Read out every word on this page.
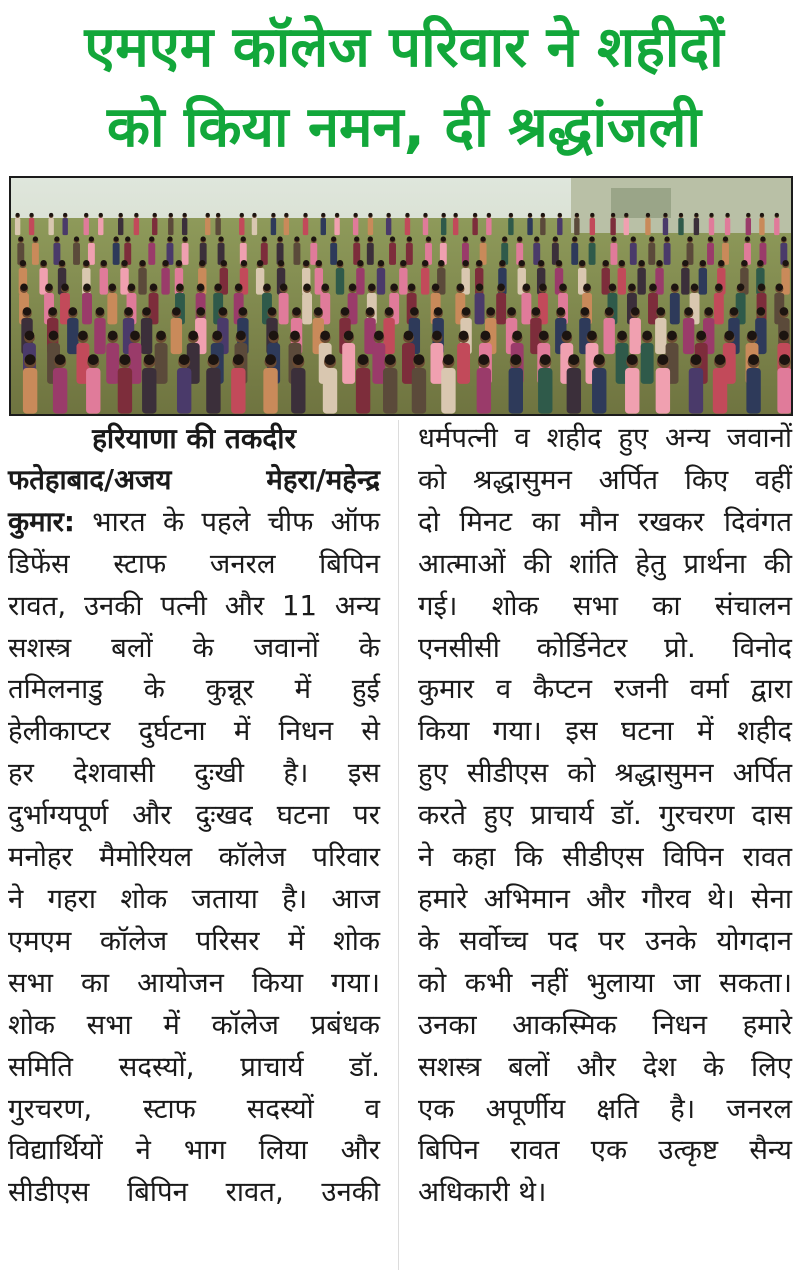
एमएम कॉलेज परिवार ने शहीदों
को किया नमन, दी श्रद्धांजली
हरियाणा की तकदीर
फतेहाबाद/अजय मेहरा/महेन्द्र
कुमार: भारत के पहले चीफ ऑफ
डिफेंस स्टाफ जनरल बिपिन
रावत, उनकी पत्नी और 11 अन्य
सशस्त्र बलों के जवानों के
तमिलनाडु के कुन्नूर में हुई
हेलीकाप्टर दुर्घटना में निधन से
हर देशवासी दुःखी है। इस
दुर्भाग्यपूर्ण और दुःखद घटना पर
मनोहर मैमोरियल कॉलेज परिवार
ने गहरा शोक जताया है। आज
एमएम कॉलेज परिसर में शोक
सभा का आयोजन किया गया।
शोक सभा में कॉलेज प्रबंधक
समिति सदस्यों, प्राचार्य डॉ.
गुरचरण, स्टाफ सदस्यों व
विद्यार्थियों ने भाग लिया और
सीडीएस बिपिन रावत, उनकी
धर्मपत्नी व शहीद हुए अन्य जवानों
को श्रद्धासुमन अर्पित किए वहीं
दो मिनट का मौन रखकर दिवंगत
आत्माओं की शांति हेतु प्रार्थना की
गई। शोक सभा का संचालन
एनसीसी कोर्डिनेटर प्रो. विनोद
कुमार व कैप्टन रजनी वर्मा द्वारा
किया गया। इस घटना में शहीद
हुए सीडीएस को श्रद्धासुमन अर्पित
करते हुए प्राचार्य डॉ. गुरचरण दास
ने कहा कि सीडीएस विपिन रावत
हमारे अभिमान और गौरव थे। सेना
के सर्वोच्च पद पर उनके योगदान
को कभी नहीं भुलाया जा सकता।
उनका आकस्मिक निधन हमारे
सशस्त्र बलों और देश के लिए
एक अपूर्णीय क्षति है। जनरल
बिपिन रावत एक उत्कृष्ट सैन्य
अधिकारी थे।
